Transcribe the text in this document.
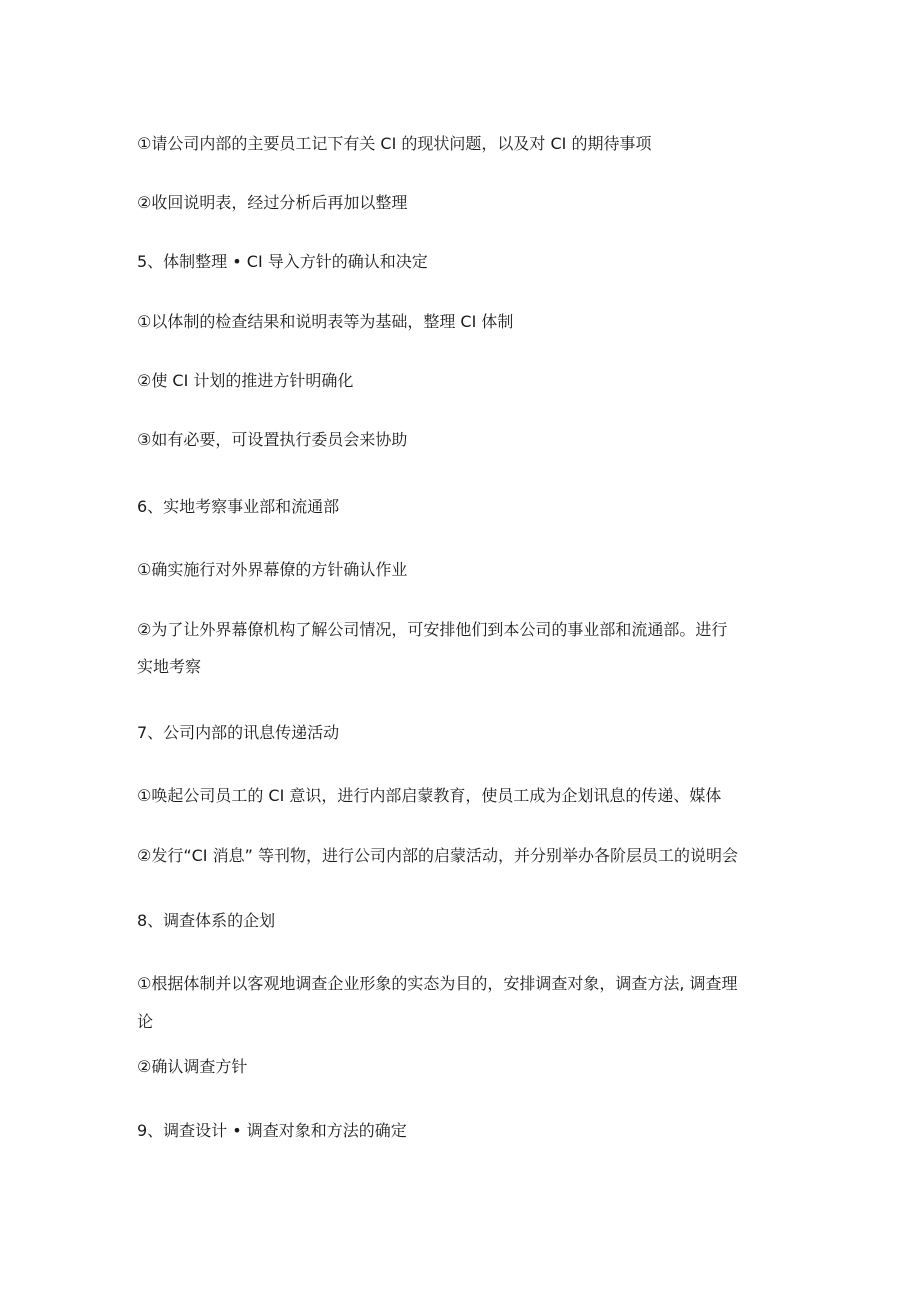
①请公司内部的主要员工记下有关 CI 的现状问题，以及对 CI 的期待事项

②收回说明表，经过分析后再加以整理

5、体制整理 • CI 导入方针的确认和决定

①以体制的检查结果和说明表等为基础，整理 CI 体制

②使 CI 计划的推进方针明确化

③如有必要，可设置执行委员会来协助

6、实地考察事业部和流通部

①确实施行对外界幕僚的方针确认作业

②为了让外界幕僚机构了解公司情况，可安排他们到本公司的事业部和流通部。进行

实地考察

7、公司内部的讯息传递活动

①唤起公司员工的 CI 意识，进行内部启蒙教育，使员工成为企划讯息的传递、媒体

②发行“CI 消息” 等刊物，进行公司内部的启蒙活动，并分别举办各阶层员工的说明会

8、调查体系的企划

①根据体制并以客观地调查企业形象的实态为目的，安排调查对象，调查方法, 调查理

论

②确认调查方针

9、调查设计 • 调查对象和方法的确定
